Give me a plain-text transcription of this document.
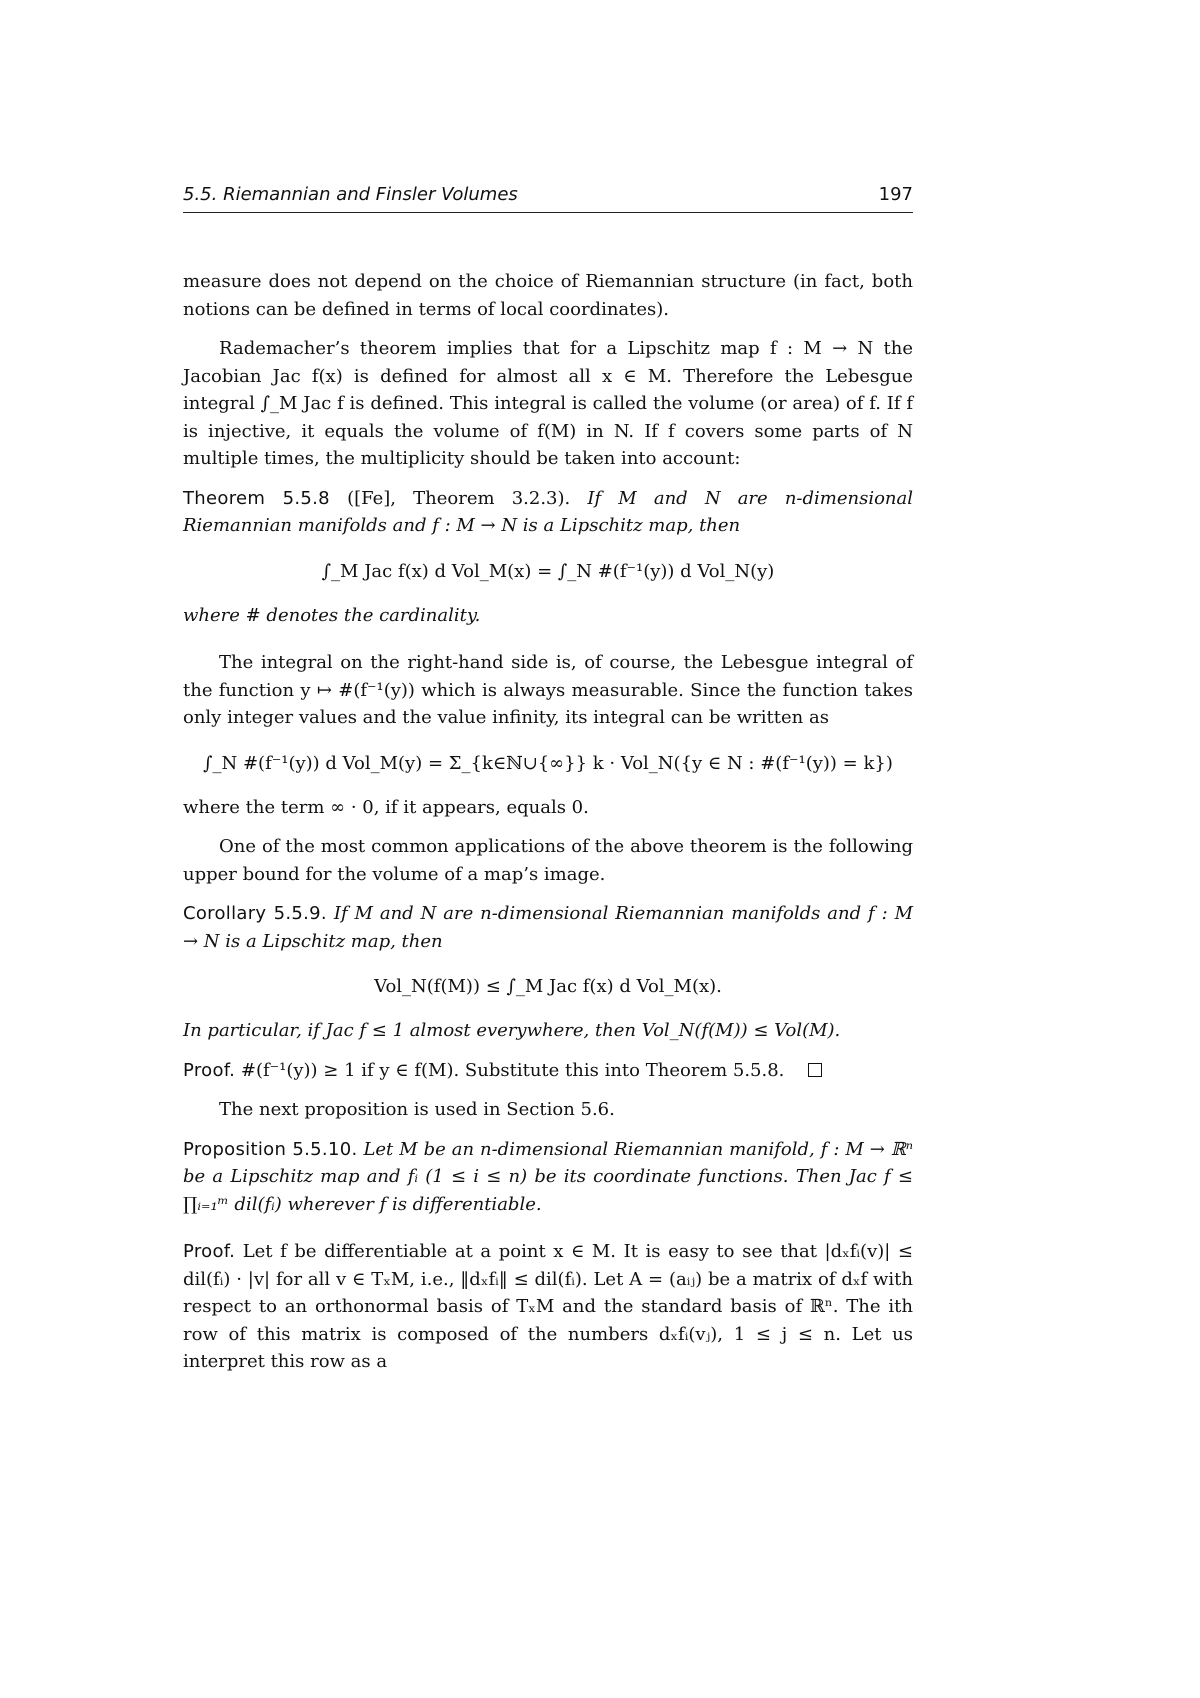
5.5. Riemannian and Finsler Volumes	197

measure does not depend on the choice of Riemannian structure (in fact, both notions can be defined in terms of local coordinates).

Rademacher’s theorem implies that for a Lipschitz map f : M → N the Jacobian Jac f(x) is defined for almost all x ∈ M. Therefore the Lebesgue integral ∫_M Jac f is defined. This integral is called the volume (or area) of f. If f is injective, it equals the volume of f(M) in N. If f covers some parts of N multiple times, the multiplicity should be taken into account:

Theorem 5.5.8 ([Fe], Theorem 3.2.3). If M and N are n-dimensional Riemannian manifolds and f : M → N is a Lipschitz map, then

∫_M Jac f(x) d Vol_M(x) = ∫_N #(f⁻¹(y)) d Vol_N(y)

where # denotes the cardinality.

The integral on the right-hand side is, of course, the Lebesgue integral of the function y ↦ #(f⁻¹(y)) which is always measurable. Since the function takes only integer values and the value infinity, its integral can be written as

∫_N #(f⁻¹(y)) d Vol_M(y) = Σ_{k∈ℕ∪{∞}} k · Vol_N({y ∈ N : #(f⁻¹(y)) = k})

where the term ∞ · 0, if it appears, equals 0.

One of the most common applications of the above theorem is the following upper bound for the volume of a map’s image.

Corollary 5.5.9. If M and N are n-dimensional Riemannian manifolds and f : M → N is a Lipschitz map, then

Vol_N(f(M)) ≤ ∫_M Jac f(x) d Vol_M(x).

In particular, if Jac f ≤ 1 almost everywhere, then Vol_N(f(M)) ≤ Vol(M).

Proof. #(f⁻¹(y)) ≥ 1 if y ∈ f(M). Substitute this into Theorem 5.5.8.

The next proposition is used in Section 5.6.

Proposition 5.5.10. Let M be an n-dimensional Riemannian manifold, f : M → ℝⁿ be a Lipschitz map and fᵢ (1 ≤ i ≤ n) be its coordinate functions. Then Jac f ≤ ∏ᵢ₌₁ᵐ dil(fᵢ) wherever f is differentiable.

Proof. Let f be differentiable at a point x ∈ M. It is easy to see that |dₓfᵢ(v)| ≤ dil(fᵢ) · |v| for all v ∈ TₓM, i.e., ‖dₓfᵢ‖ ≤ dil(fᵢ). Let A = (aᵢⱼ) be a matrix of dₓf with respect to an orthonormal basis of TₓM and the standard basis of ℝⁿ. The ith row of this matrix is composed of the numbers dₓfᵢ(vⱼ), 1 ≤ j ≤ n. Let us interpret this row as a
